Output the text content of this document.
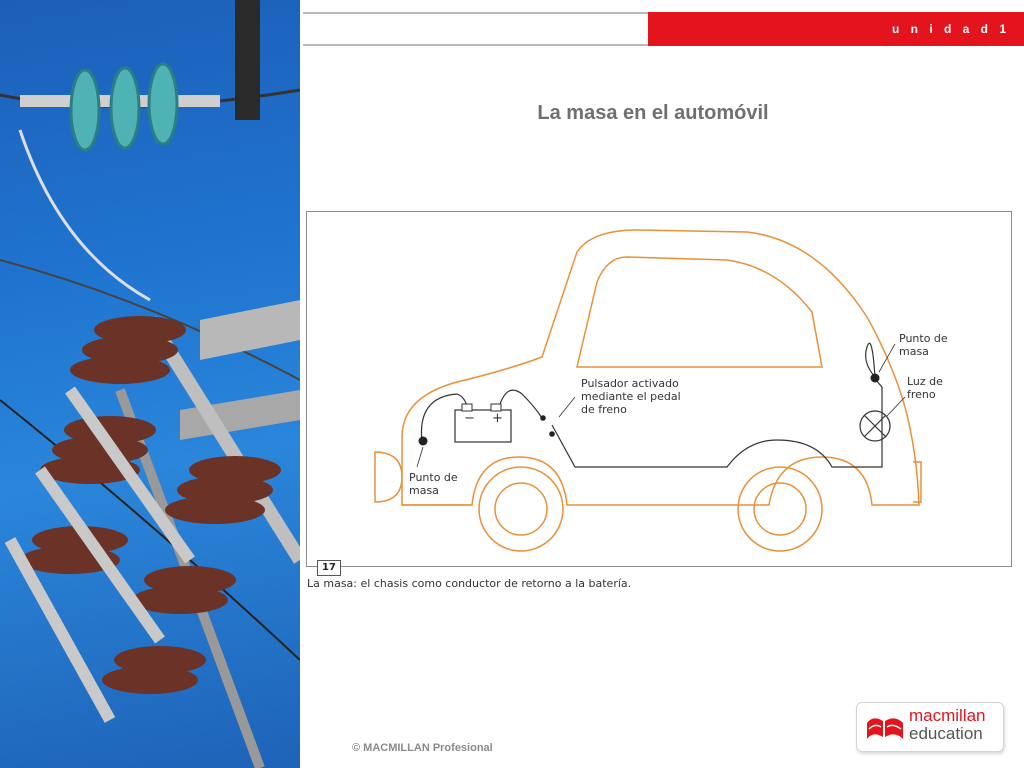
u n i d a d 1
La masa en el automóvil
− +
Punto de
masa
Pulsador activado
mediante el pedal
de freno
Punto de
masa
Luz de
freno
17
La masa: el chasis como conductor de retorno a la batería.
© MACMILLAN Profesional
macmillan
education
